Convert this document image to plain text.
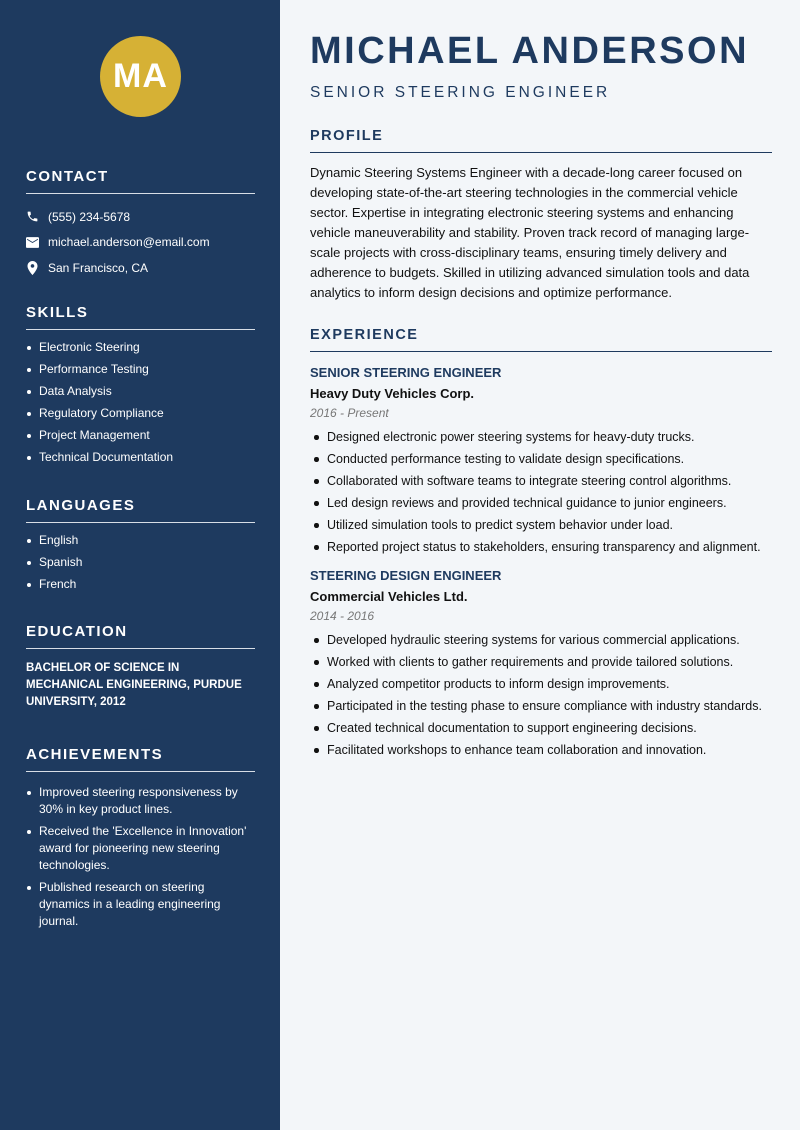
MA
CONTACT
(555) 234-5678
michael.anderson@email.com
San Francisco, CA
SKILLS
Electronic Steering
Performance Testing
Data Analysis
Regulatory Compliance
Project Management
Technical Documentation
LANGUAGES
English
Spanish
French
EDUCATION

BACHELOR OF SCIENCE IN MECHANICAL ENGINEERING, PURDUE UNIVERSITY, 2012

ACHIEVEMENTS
Improved steering responsiveness by 30% in key product lines.
Received the 'Excellence in Innovation' award for pioneering new steering technologies.
Published research on steering dynamics in a leading engineering journal.
MICHAEL ANDERSON
SENIOR STEERING ENGINEER
PROFILE

Dynamic Steering Systems Engineer with a decade-long career focused on developing state-of-the-art steering technologies in the commercial vehicle sector. Expertise in integrating electronic steering systems and enhancing vehicle maneuverability and stability. Proven track record of managing large-scale projects with cross-disciplinary teams, ensuring timely delivery and adherence to budgets. Skilled in utilizing advanced simulation tools and data analytics to inform design decisions and optimize performance.

EXPERIENCE
SENIOR STEERING ENGINEER
Heavy Duty Vehicles Corp.
2016 - Present
Designed electronic power steering systems for heavy-duty trucks.
Conducted performance testing to validate design specifications.
Collaborated with software teams to integrate steering control algorithms.
Led design reviews and provided technical guidance to junior engineers.
Utilized simulation tools to predict system behavior under load.
Reported project status to stakeholders, ensuring transparency and alignment.
STEERING DESIGN ENGINEER
Commercial Vehicles Ltd.
2014 - 2016
Developed hydraulic steering systems for various commercial applications.
Worked with clients to gather requirements and provide tailored solutions.
Analyzed competitor products to inform design improvements.
Participated in the testing phase to ensure compliance with industry standards.
Created technical documentation to support engineering decisions.
Facilitated workshops to enhance team collaboration and innovation.
